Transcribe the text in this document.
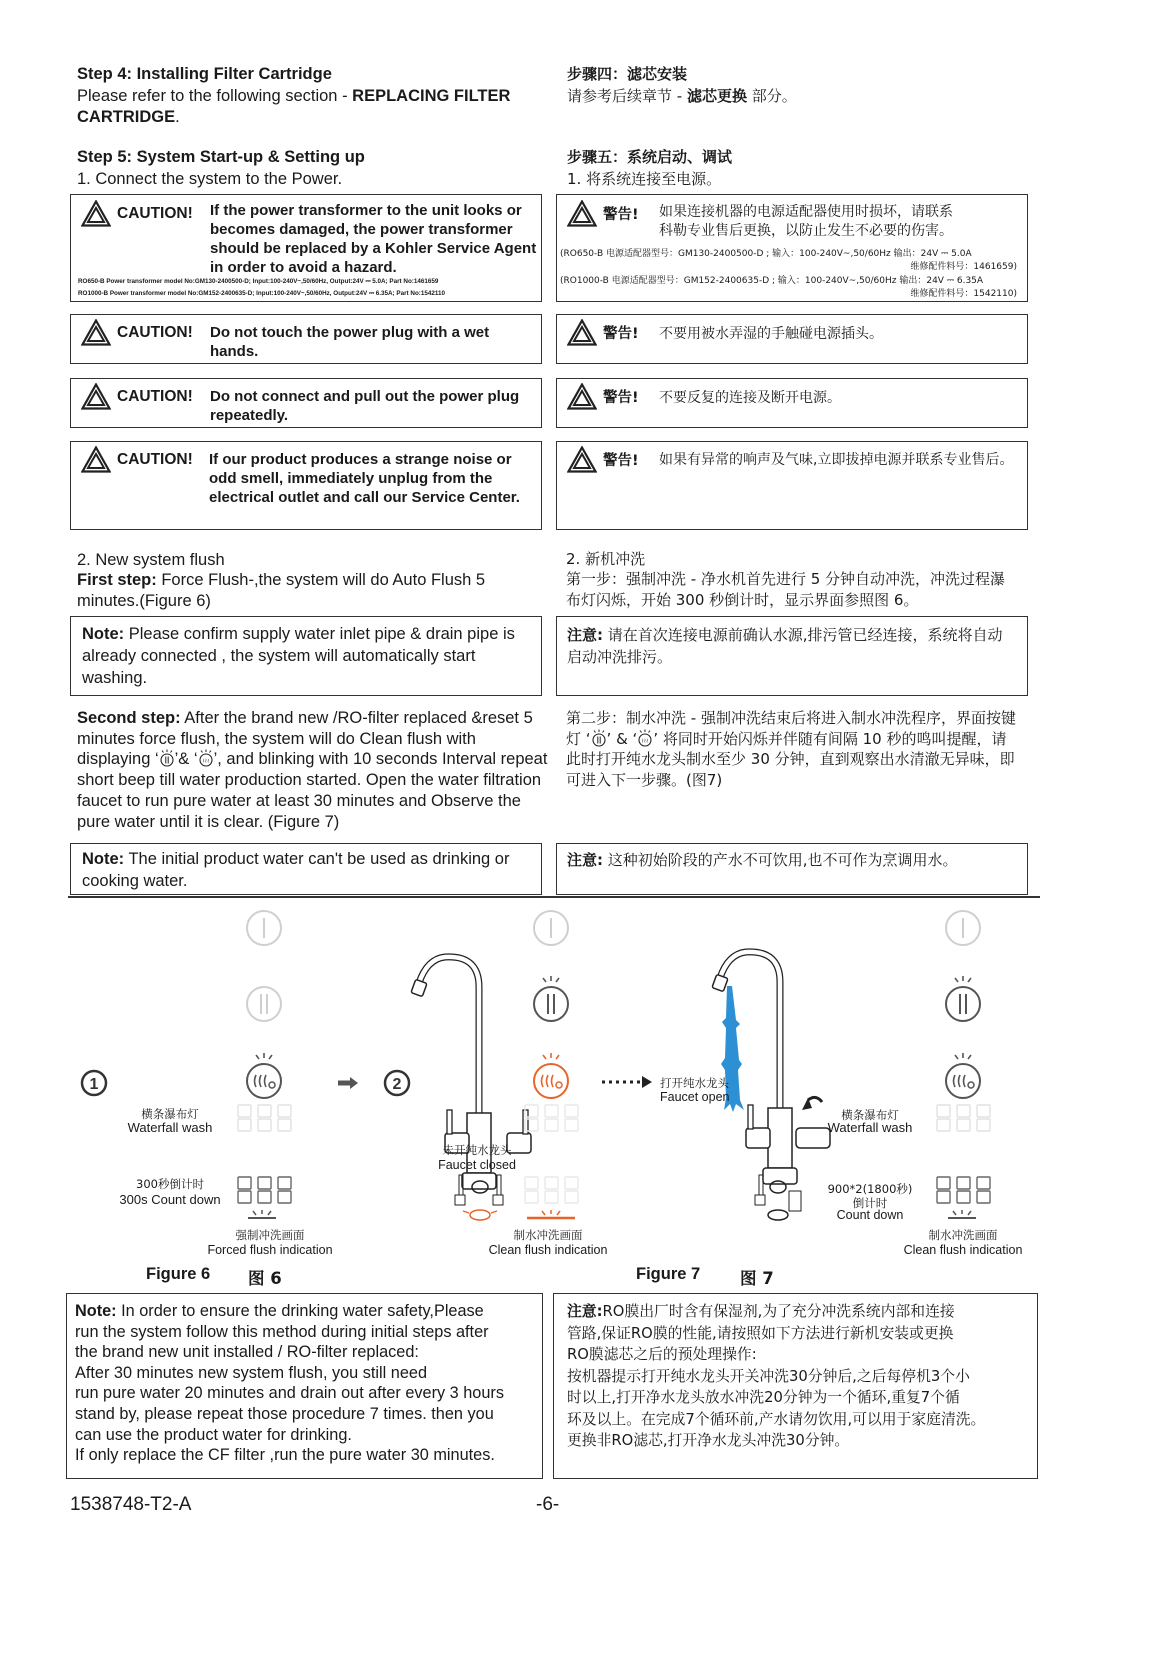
Step 4: Installing Filter Cartridge
Please refer to the following section - REPLACING FILTER CARTRIDGE.
步骤四：滤芯安装
请参考后续章节 - 滤芯更换 部分。
Step 5: System Start-up & Setting up
1. Connect the system to the Power.
步骤五：系统启动、调试
1. 将系统连接至电源。
CAUTION! If the power transformer to the unit looks or becomes damaged, the power transformer should be replaced by a Kohler Service Agent in order to avoid a hazard.
RO650-B Power transformer model No:GM130-2400500-D; Input:100-240V~,50/60Hz, Output:24V ⎓ 5.0A; Part No:1461659
RO1000-B Power transformer model No:GM152-2400635-D; Input:100-240V~,50/60Hz, Output:24V ⎓ 6.35A; Part No:1542110
警告! 如果连接机器的电源适配器使用时损坏，请联系
科勒专业售后更换，以防止发生不必要的伤害。
(RO650-B 电源适配器型号：GM130-2400500-D ; 输入：100-240V~,50/60Hz 输出：24V ⎓ 5.0A
维修配件料号：1461659)
(RO1000-B 电源适配器型号：GM152-2400635-D ; 输入：100-240V~,50/60Hz 输出：24V ⎓ 6.35A
维修配件料号：1542110)
CAUTION! Do not touch the power plug with a wet hands.
警告! 不要用被水弄湿的手触碰电源插头。
CAUTION! Do not connect and pull out the power plug repeatedly.
警告! 不要反复的连接及断开电源。
CAUTION! If our product produces a strange noise or odd smell, immediately unplug from the electrical outlet and call our Service Center.
警告! 如果有异常的响声及气味,立即拔掉电源并联系专业售后。
2. New system flush
First step: Force Flush-,the system will do Auto Flush 5 minutes.(Figure 6)
2. 新机冲洗
第一步：强制冲洗 - 净水机首先进行 5 分钟自动冲洗，冲洗过程瀑布灯闪烁，开始 300 秒倒计时，显示界面参照图 6。
Note: Please confirm supply water inlet pipe & drain pipe is already connected , the system will automatically start washing.
注意: 请在首次连接电源前确认水源,排污管已经连接，系统将自动启动冲洗排污。
Second step: After the brand new /RO-filter replaced &reset 5 minutes force flush, the system will do Clean flush with displaying ‘ ’& ‘ ≀≀≀ ’, and blinking with 10 seconds Interval repeat short beep till water production started. Open the water filtration faucet to run pure water at least 30 minutes and Observe the pure water until it is clear. (Figure 7)
第二步：制水冲洗 - 强制冲洗结束后将进入制水冲洗程序，界面按键灯 ‘ ’ & ‘ ≀≀≀ ’ 将同时开始闪烁并伴随有间隔 10 秒的鸣叫提醒，请此时打开纯水龙头制水至少 30 分钟，直到观察出水清澈无异味，即可进入下一步骤。(图7)
Note: The initial product water can't be used as drinking or cooking water.
注意: 这种初始阶段的产水不可饮用,也不可作为烹调用水。
1	2
横条瀑布灯
Waterfall wash
300秒倒计时
300s Count down
强制冲洗画面
Forced flush indication
未开纯水龙头
Faucet closed
制水冲洗画面
Clean flush indication
打开纯水龙头
Faucet open
横条瀑布灯
Waterfall wash
900*2(1800秒)
倒计时
Count down
制水冲洗画面
Clean flush indication
Figure 6 图 6	Figure 7 图 7
Note: In order to ensure the drinking water safety,Please
run the system follow this method during initial steps after
the brand new unit installed / RO-filter replaced:
After 30 minutes new system flush, you still need
run pure water 20 minutes and drain out after every 3 hours
stand by, please repeat those procedure 7 times. then you
can use the product water for drinking.
If only replace the CF filter ,run the pure water 30 minutes.
注意:RO膜出厂时含有保湿剂,为了充分冲洗系统内部和连接
管路,保证RO膜的性能,请按照如下方法进行新机安装或更换
RO膜滤芯之后的预处理操作:
按机器提示打开纯水龙头开关冲洗30分钟后,之后每停机3个小
时以上,打开净水龙头放水冲洗20分钟为一个循环,重复7个循
环及以上。在完成7个循环前,产水请勿饮用,可以用于家庭清洗。
更换非RO滤芯,打开净水龙头冲洗30分钟。
1538748-T2-A	-6-
